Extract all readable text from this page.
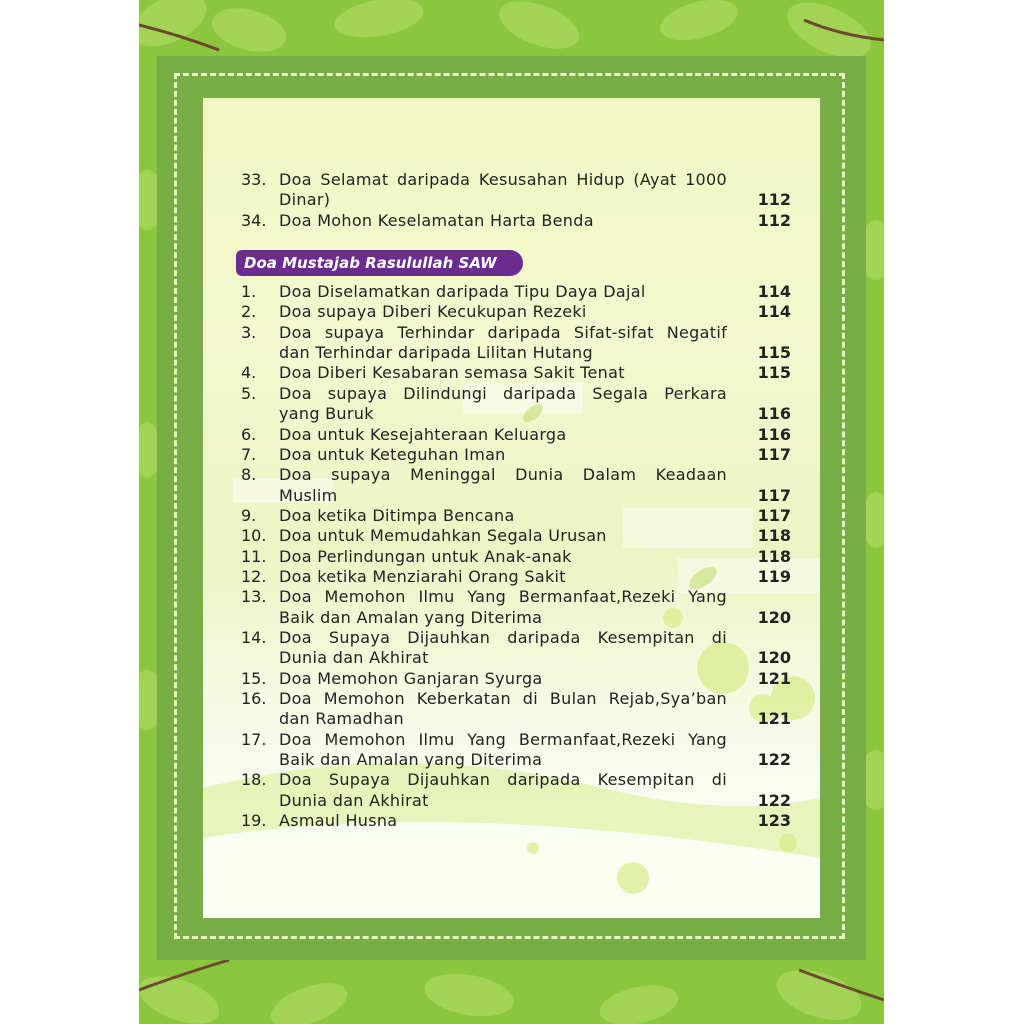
33. Doa Selamat daripada Kesusahan Hidup (Ayat 1000
Dinar)	112
34. Doa Mohon Keselamatan Harta Benda	112
Doa Mustajab Rasulullah SAW
1.	Doa Diselamatkan daripada Tipu Daya Dajal	114
2.	Doa supaya Diberi Kecukupan Rezeki	114
3.	Doa supaya Terhindar daripada Sifat-sifat Negatif
dan Terhindar daripada Lilitan Hutang	115
4.	Doa Diberi Kesabaran semasa Sakit Tenat	115
5.	Doa supaya Dilindungi daripada Segala Perkara
yang Buruk	116
6.	Doa untuk Kesejahteraan Keluarga	116
7.	Doa untuk Keteguhan Iman	117
8.	Doa supaya Meninggal Dunia Dalam Keadaan
Muslim	117
9.	Doa ketika Ditimpa Bencana	117
10. Doa untuk Memudahkan Segala Urusan	118
11. Doa Perlindungan untuk Anak-anak	118
12. Doa ketika Menziarahi Orang Sakit	119
13. Doa Memohon Ilmu Yang Bermanfaat,Rezeki Yang
Baik dan Amalan yang Diterima	120
14. Doa Supaya Dijauhkan daripada Kesempitan di
Dunia dan Akhirat	120
15. Doa Memohon Ganjaran Syurga	121
16. Doa Memohon Keberkatan di Bulan Rejab,Sya’ban
dan Ramadhan	121
17. Doa Memohon Ilmu Yang Bermanfaat,Rezeki Yang
Baik dan Amalan yang Diterima	122
18. Doa Supaya Dijauhkan daripada Kesempitan di
Dunia dan Akhirat	122
19. Asmaul Husna	123
